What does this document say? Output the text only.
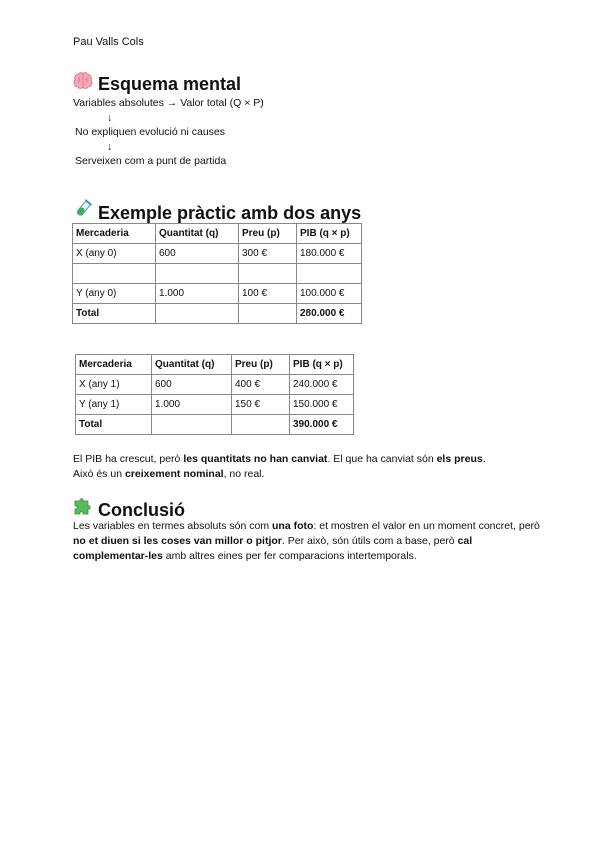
Pau Valls Cols
Esquema mental
Variables absolutes → Valor total (Q × P)
↓
No expliquen evolució ni causes
↓
Serveixen com a punt de partida
Exemple pràctic amb dos anys
Mercaderia	Quantitat (q)	Preu (p)	PIB (q × p)
X (any 0)	600	300 €	180.000 €

Y (any 0)	1.000	100 €	100.000 €
Total			280.000 €
Mercaderia	Quantitat (q)	Preu (p)	PIB (q × p)
X (any 1)	600	400 €	240.000 €
Y (any 1)	1.000	150 €	150.000 €
Total			390.000 €
El PIB ha crescut, però les quantitats no han canviat. El que ha canviat són els preus.
Això és un creixement nominal, no real.
Conclusió
Les variables en termes absoluts són com una foto: et mostren el valor en un moment concret, però no et diuen si les coses van millor o pitjor. Per això, són útils com a base, però cal complementar-les amb altres eines per fer comparacions intertemporals.
